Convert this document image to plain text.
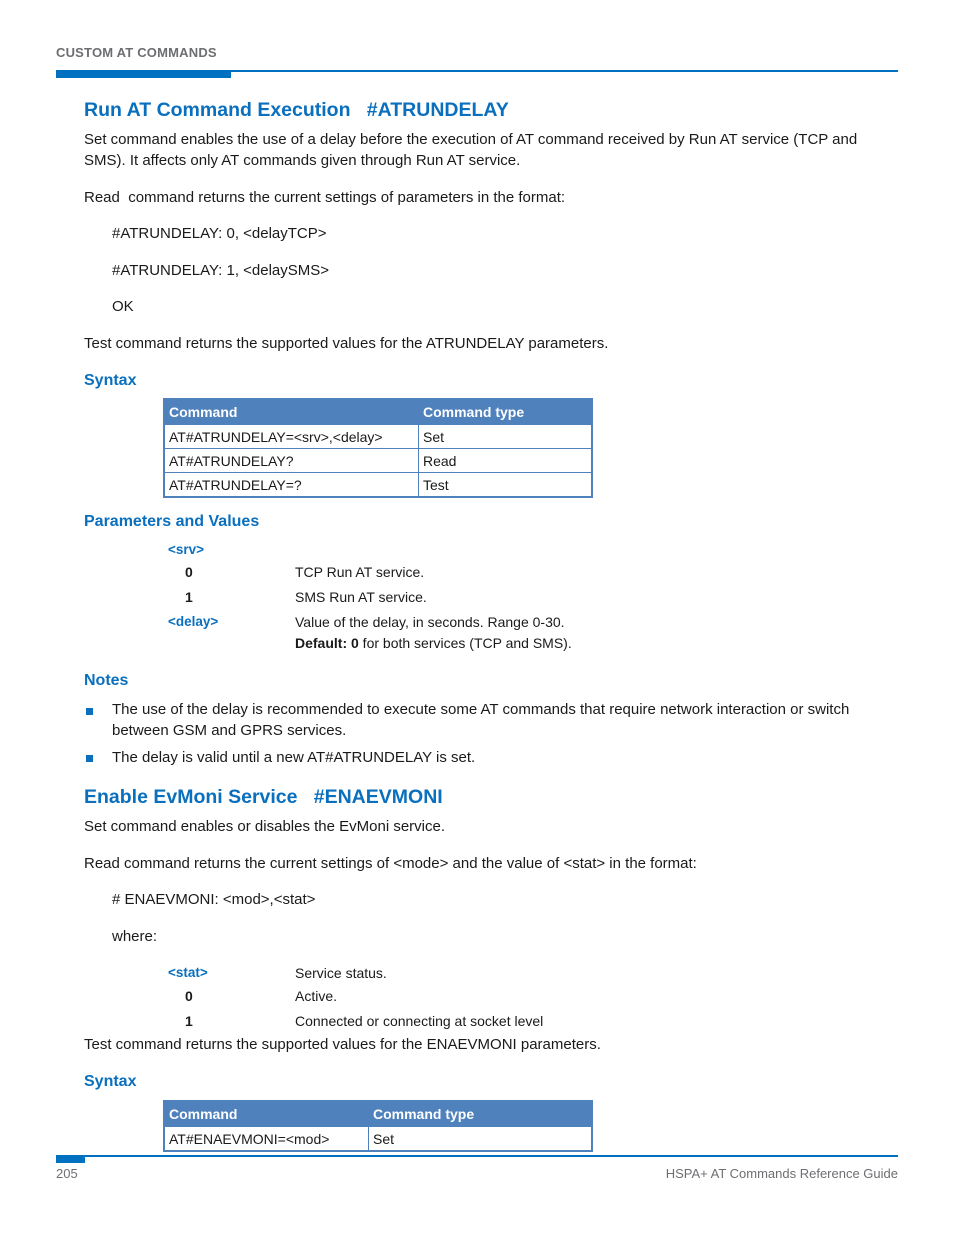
CUSTOM AT COMMANDS
Run AT Command Execution   #ATRUNDELAY
Set command enables the use of a delay before the execution of AT command received by Run AT service (TCP and SMS). It affects only AT commands given through Run AT service.
Read  command returns the current settings of parameters in the format:
#ATRUNDELAY: 0, <delayTCP>
#ATRUNDELAY: 1, <delaySMS>
OK
Test command returns the supported values for the ATRUNDELAY parameters.
Syntax
Command	Command type
AT#ATRUNDELAY=<srv>,<delay>	Set
AT#ATRUNDELAY?	Read
AT#ATRUNDELAY=?	Test
Parameters and Values
<srv>
0	TCP Run AT service.
1	SMS Run AT service.
<delay>	Value of the delay, in seconds. Range 0-30.
Default: 0 for both services (TCP and SMS).
Notes
The use of the delay is recommended to execute some AT commands that require network interaction or switch between GSM and GPRS services.
The delay is valid until a new AT#ATRUNDELAY is set.
Enable EvMoni Service   #ENAEVMONI
Set command enables or disables the EvMoni service.
Read command returns the current settings of <mode> and the value of <stat> in the format:
# ENAEVMONI: <mod>,<stat>
where:
<stat>	Service status.
0	Active.
1	Connected or connecting at socket level
Test command returns the supported values for the ENAEVMONI parameters.
Syntax
Command	Command type
AT#ENAEVMONI=<mod>	Set
205	HSPA+ AT Commands Reference Guide
